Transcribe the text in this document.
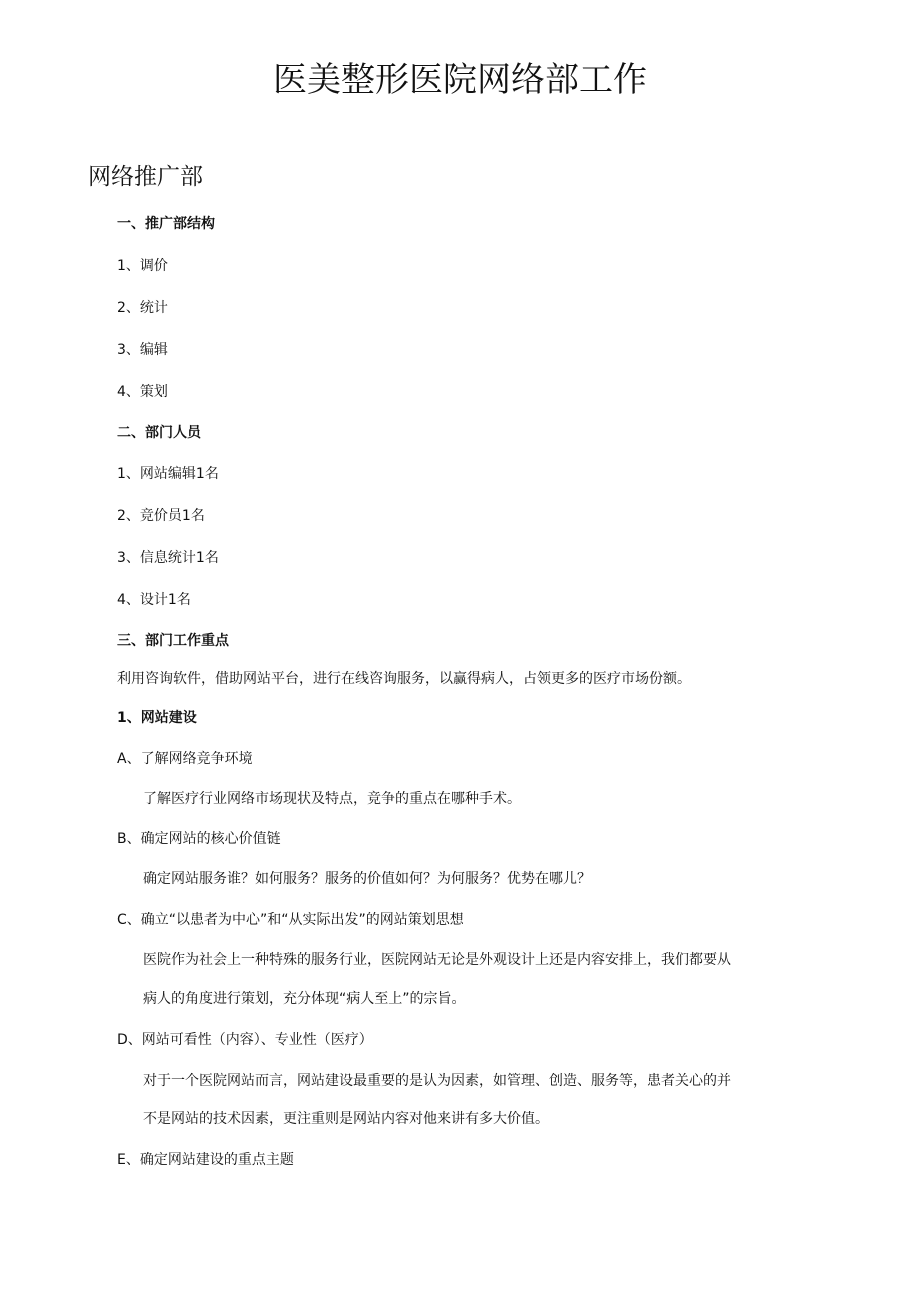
医美整形医院网络部工作
网络推广部
一、推广部结构
1、调价
2、统计
3、编辑
4、策划
二、部门人员
1、网站编辑1名
2、竞价员1名
3、信息统计1名
4、设计1名
三、部门工作重点
利用咨询软件，借助网站平台，进行在线咨询服务，以赢得病人，占领更多的医疗市场份额。
1、网站建设
A、了解网络竞争环境
了解医疗行业网络市场现状及特点，竞争的重点在哪种手术。
B、确定网站的核心价值链
确定网站服务谁？如何服务？服务的价值如何？为何服务？优势在哪儿？
C、确立“以患者为中心”和“从实际出发”的网站策划思想
医院作为社会上一种特殊的服务行业，医院网站无论是外观设计上还是内容安排上，我们都要从
病人的角度进行策划，充分体现“病人至上”的宗旨。
D、网站可看性（内容）、专业性（医疗）
对于一个医院网站而言，网站建设最重要的是认为因素，如管理、创造、服务等，患者关心的并
不是网站的技术因素，更注重则是网站内容对他来讲有多大价值。
E、确定网站建设的重点主题
